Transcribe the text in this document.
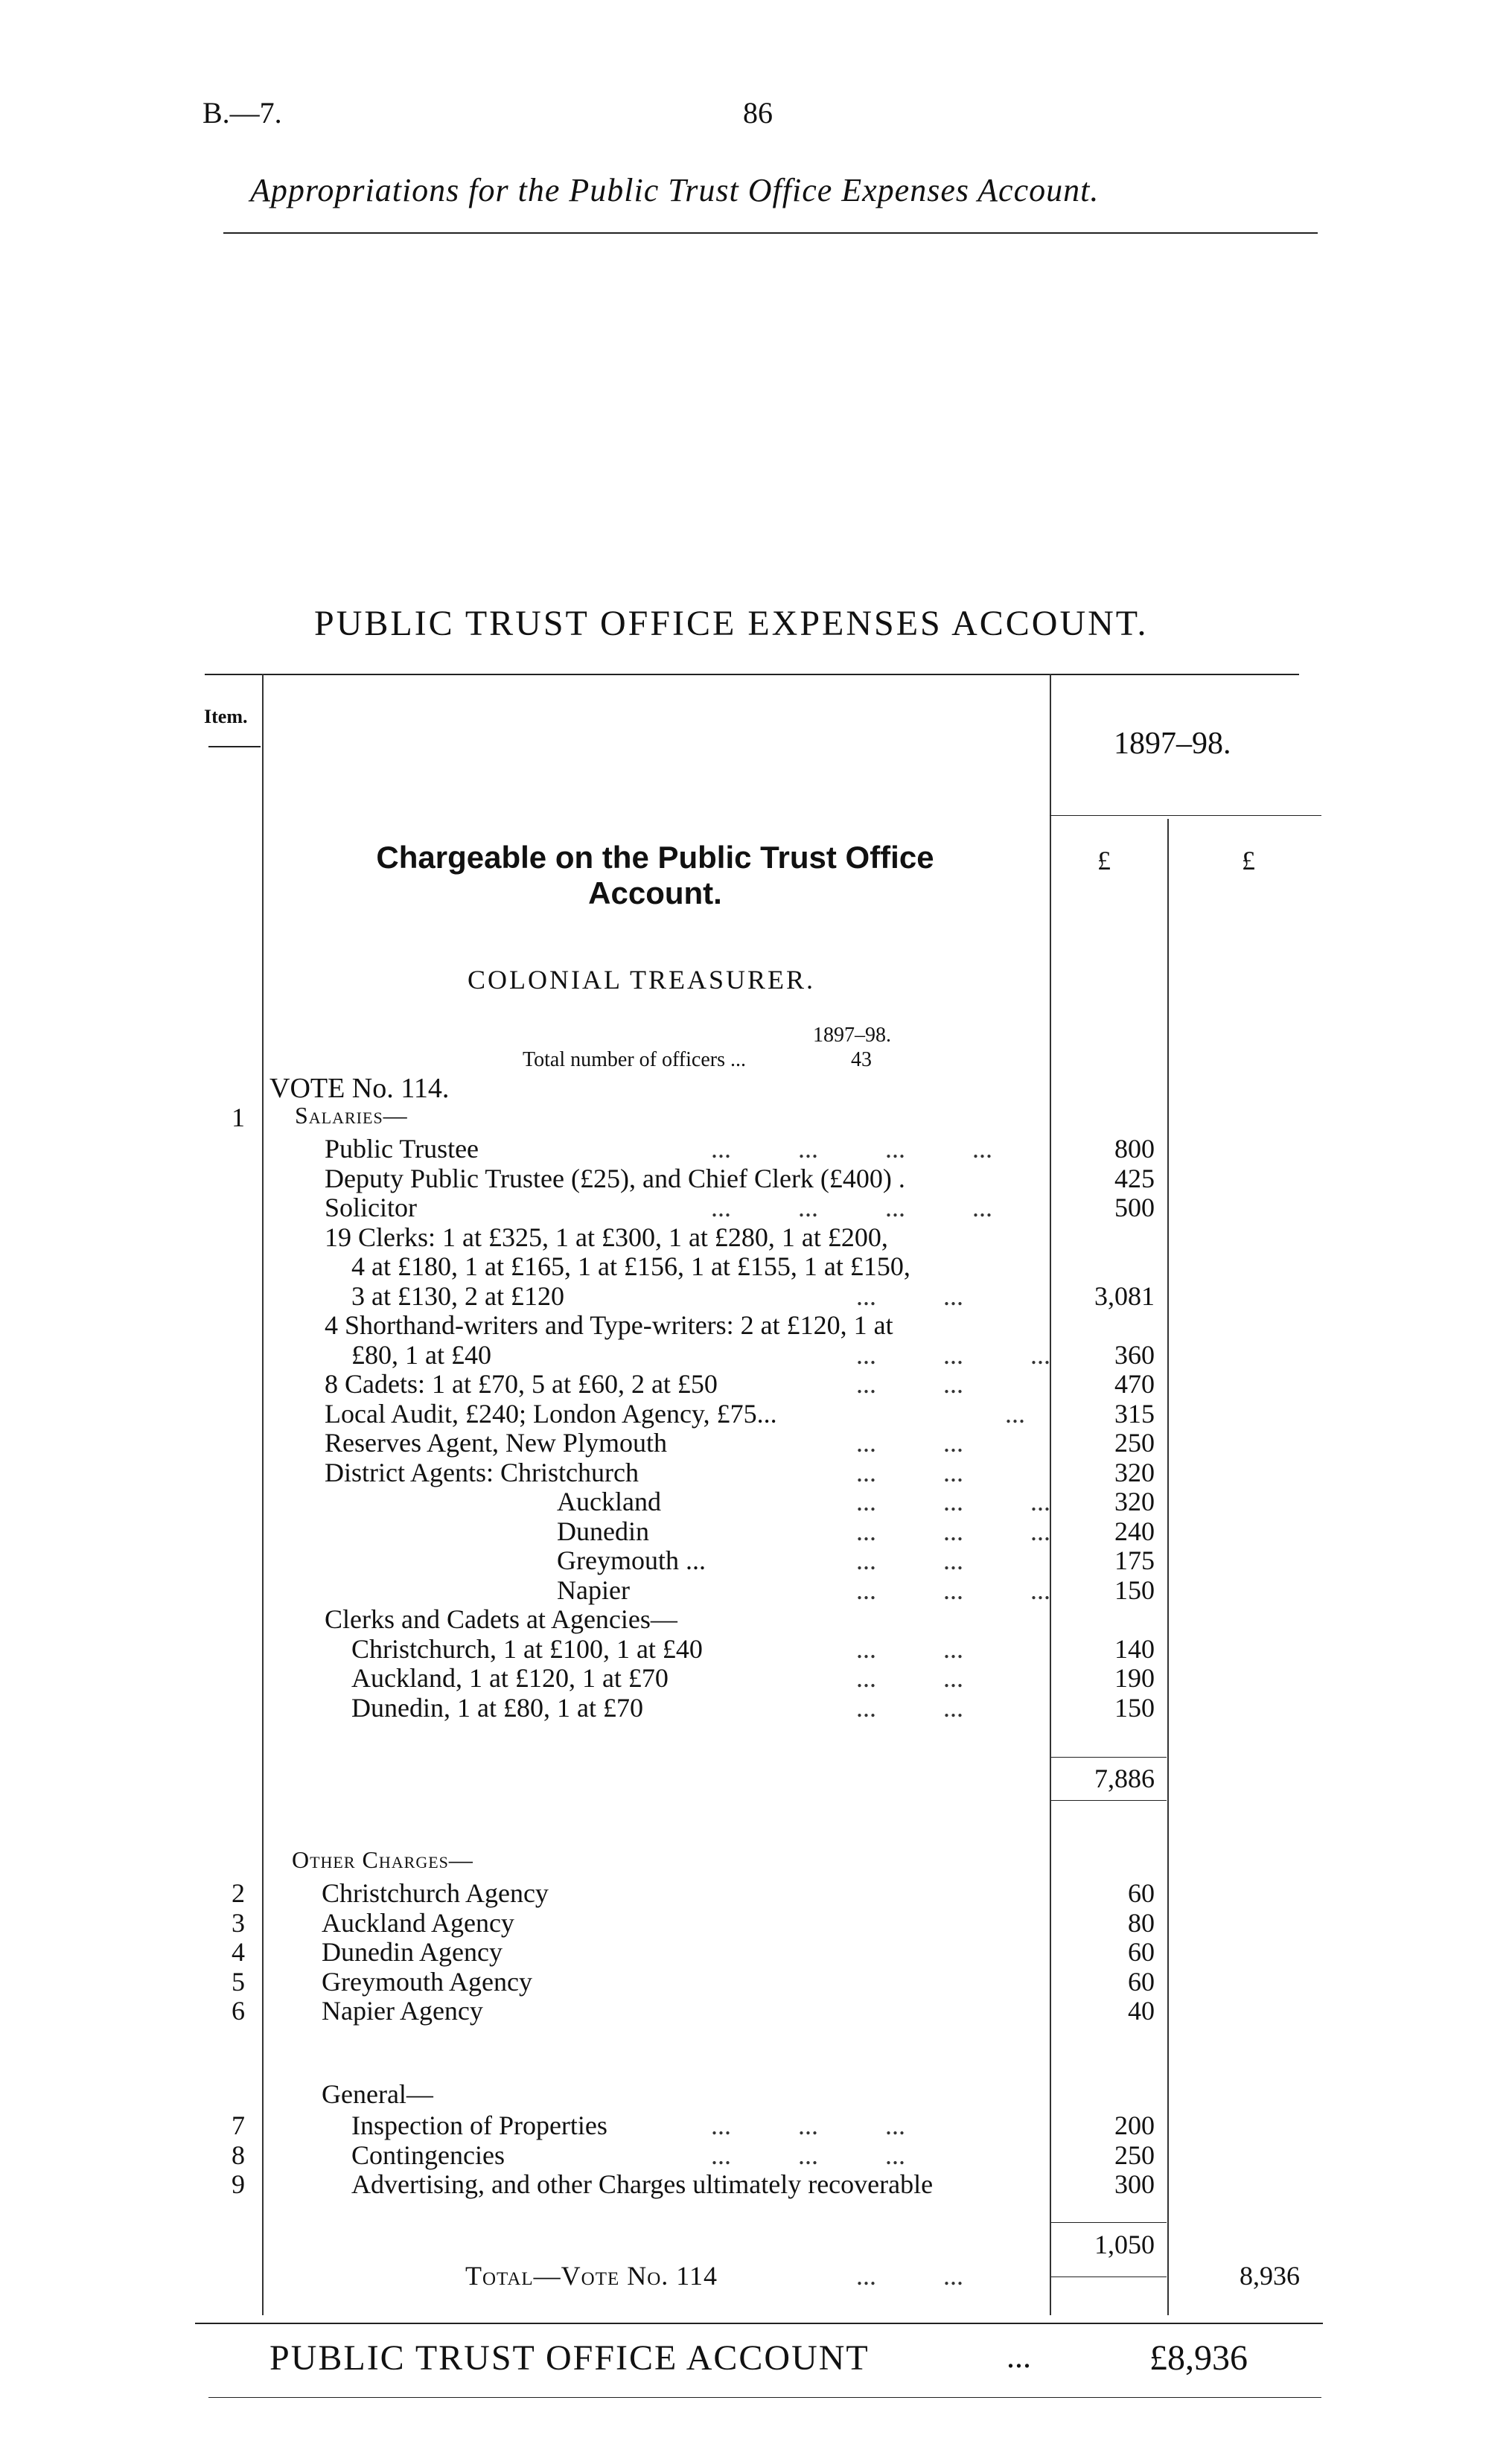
B.—7.	86
Appropriations for the Public Trust Office Expenses Account.
PUBLIC TRUST OFFICE EXPENSES ACCOUNT.
Item.
1897–98.
Chargeable on the Public Trust Office
Account.
£	£
COLONIAL TREASURER.
1897–98.
Total number of officers ...	43
VOTE No. 114.
1	Salaries—
Public Trustee	...          ...          ...          ...	800
Deputy Public Trustee (£25), and Chief Clerk (£400) .	425
Solicitor	...          ...          ...          ...	500
19 Clerks: 1 at £325, 1 at £300, 1 at £280, 1 at £200,
4 at £180, 1 at £165, 1 at £156, 1 at £155, 1 at £150,
3 at £130, 2 at £120	...          ...	3,081
4 Shorthand-writers and Type-writers: 2 at £120, 1 at
£80, 1 at £40	...          ...          ... 360
8 Cadets: 1 at £70, 5 at £60, 2 at £50	...          ...	470
Local Audit, £240; London Agency, £75...	...	315
Reserves Agent, New Plymouth	...          ...	250
District Agents: Christchurch	...          ...	320
Auckland	...          ...          ... 320
Dunedin	...          ...          ... 240
Greymouth ...	...          ...	175
Napier	...          ...          ... 150
Clerks and Cadets at Agencies—
Christchurch, 1 at £100, 1 at £40	...          ...	140
Auckland, 1 at £120, 1 at £70	...          ...	190
Dunedin, 1 at £80, 1 at £70	...          ...	150
7,886
Other Charges—
2	Christchurch Agency	60
3	Auckland Agency	80
4	Dunedin Agency	60
5	Greymouth Agency	60
6	Napier Agency	40
General—
7	Inspection of Properties	...          ...          ...	200
8	Contingencies	...          ...          ...	250
9	Advertising, and other Charges ultimately recoverable	300
1,050
Total—Vote No. 114	...          ...	8,936
PUBLIC TRUST OFFICE ACCOUNT	...	£8,936
